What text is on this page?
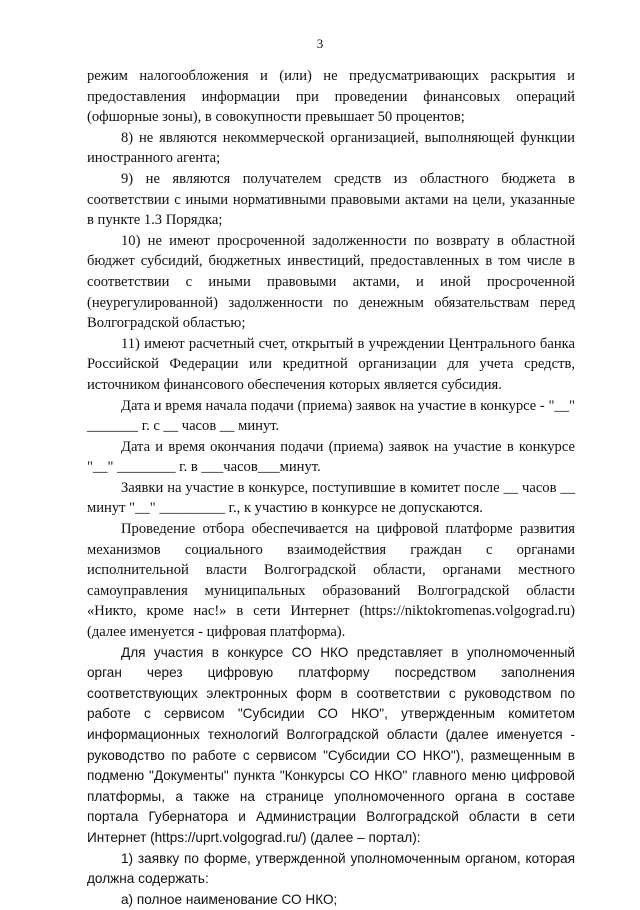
3

режим налогообложения и (или) не предусматривающих раскрытия и предоставления информации при проведении финансовых операций (офшорные зоны), в совокупности превышает 50 процентов;

8) не являются некоммерческой организацией, выполняющей функции иностранного агента;

9) не являются получателем средств из областного бюджета в соответствии с иными нормативными правовыми актами на цели, указанные в пункте 1.3 Порядка;

10) не имеют просроченной задолженности по возврату в областной бюджет субсидий, бюджетных инвестиций, предоставленных в том числе в соответствии с иными правовыми актами, и иной просроченной (неурегулированной) задолженности по денежным обязательствам перед Волгоградской областью;

11) имеют расчетный счет, открытый в учреждении Центрального банка Российской Федерации или кредитной организации для учета средств, источником финансового обеспечения которых является субсидия.

Дата и время начала подачи (приема) заявок на участие в конкурсе - "__" _______ г. с __ часов __ минут.

Дата и время окончания подачи (приема) заявок на участие в конкурсе "__" ________ г. в ___часов___минут.

Заявки на участие в конкурсе, поступившие в комитет после __ часов __ минут "__" _________ г., к участию в конкурсе не допускаются.

Проведение отбора обеспечивается на цифровой платформе развития механизмов социального взаимодействия граждан с органами исполнительной власти Волгоградской области, органами местного самоуправления муниципальных образований Волгоградской области «Никто, кроме нас!» в сети Интернет (https://niktokromenas.volgograd.ru) (далее именуется - цифровая платформа).

Для участия в конкурсе СО НКО представляет в уполномоченный орган через цифровую платформу посредством заполнения соответствующих электронных форм в соответствии с руководством по работе с сервисом "Субсидии СО НКО", утвержденным комитетом информационных технологий Волгоградской области (далее именуется - руководство по работе с сервисом "Субсидии СО НКО"), размещенным в подменю "Документы" пункта "Конкурсы СО НКО" главного меню цифровой платформы, а также на странице уполномоченного органа в составе портала Губернатора и Администрации Волгоградской области в сети Интернет (https://uprt.volgograd.ru/) (далее – портал):

1) заявку по форме, утвержденной уполномоченным органом, которая должна содержать:

а) полное наименование СО НКО;
